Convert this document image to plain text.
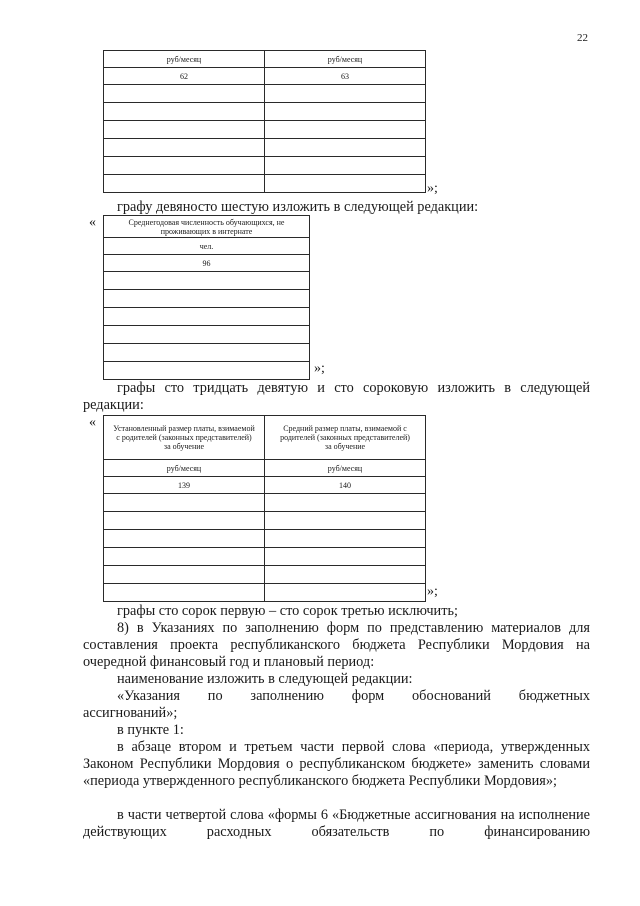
22
руб/месяц	руб/месяц
62	63

»;
графу девяносто шестую изложить в следующей редакции:
«	Среднегодовая численность обучающихся, не проживающих в интернате
чел.
96

»;
графы сто тридцать девятую и сто сороковую изложить в следующей
редакции:
« Установленный размер платы, взимаемой с родителей (законных представителей) за обучение	Средний размер платы, взимаемой с родителей (законных представителей) за обучение
руб/месяц	руб/месяц
139	140

»;
графы сто сорок первую – сто сорок третью исключить;
8) в Указаниях по заполнению форм по представлению материалов для составления проекта республиканского бюджета Республики Мордовия на очередной финансовый год и плановый период:
наименование изложить в следующей редакции:
«Указания по заполнению форм обоснований бюджетных ассигнований»;
в пункте 1:
в абзаце втором и третьем части первой слова «периода, утвержденных Законом Республики Мордовия о республиканском бюджете» заменить словами «периода утвержденного республиканского бюджета Республики Мордовия»;
в части четвертой слова «формы 6 «Бюджетные ассигнования на исполнение действующих расходных обязательств по финансированию
